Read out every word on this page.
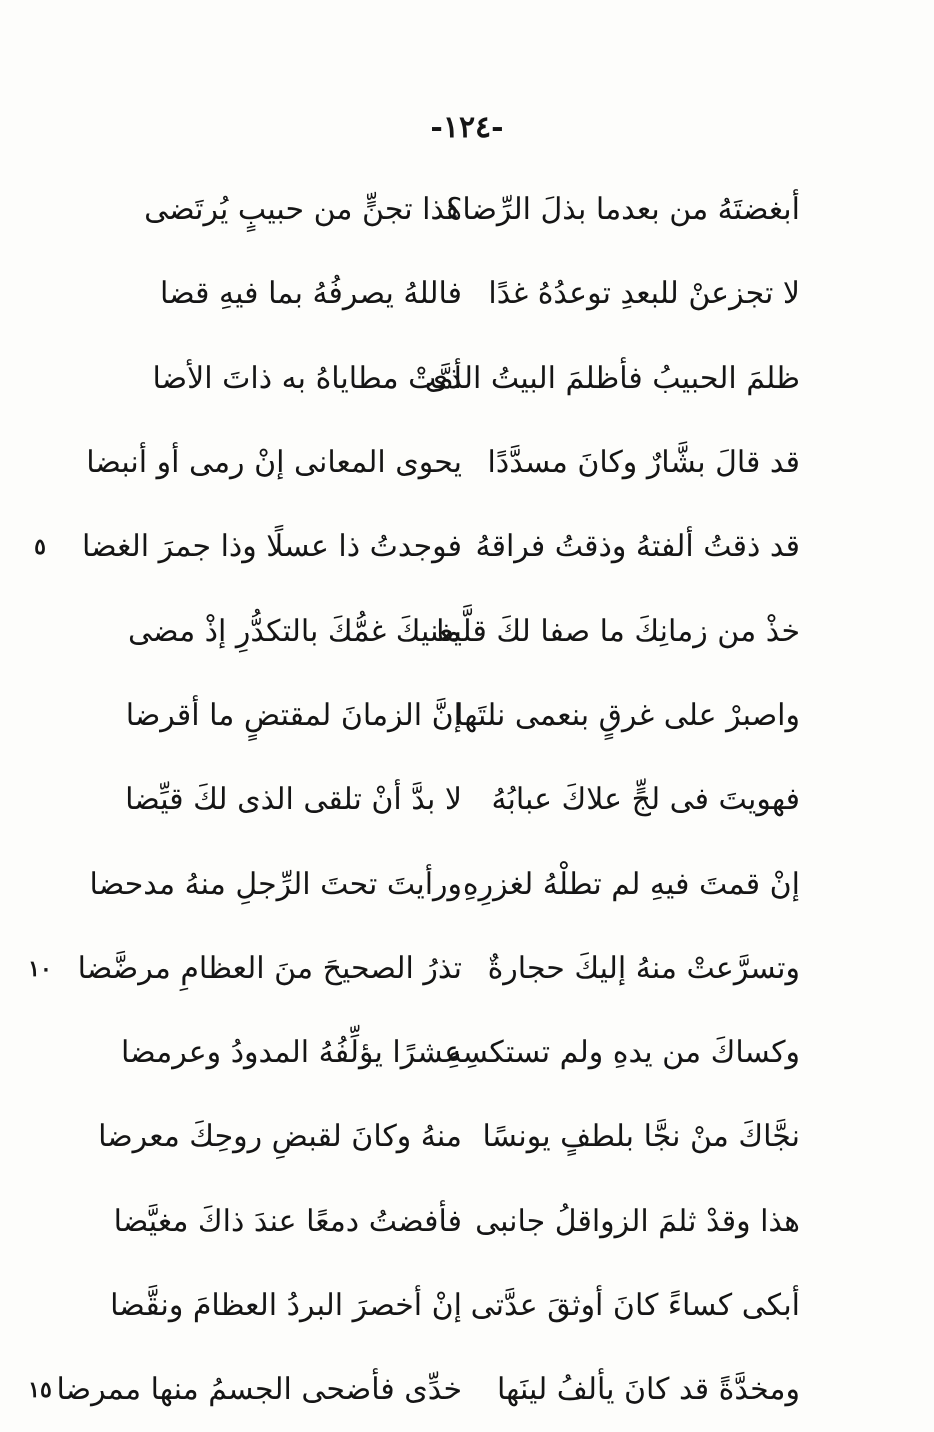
-١٢٤-
أبغضتَهُ من بعدما بذلَ الرِّضا؟
هذا تجنٍّ من حبيبٍ يُرتَضى
لا تجزعنْ للبعدِ توعدُهُ غدًا
فاللهُ يصرفُهُ بما فيهِ قضا
ظلمَ الحبيبُ فأظلمَ البيتُ الذى
أمَّتْ مطاياهُ به ذاتَ الأضا
قد قالَ بشَّارٌ وكانَ مسدَّدًا
يحوى المعانى إنْ رمى أو أنبضا
قد ذقتُ ألفتهُ وذقتُ فراقهُ
فوجدتُ ذا عسلًا وذا جمرَ الغضا
٥
خذْ من زمانِكَ ما صفا لكَ قلَّما
يغنيكَ غمُّكَ بالتكدُّرِ إذْ مضى
واصبرْ على غرقٍ بنعمى نلتَها
إنَّ الزمانَ لمقتضٍ ما أقرضا
فهويتَ فى لجٍّ علاكَ عبابُهُ
لا بدَّ أنْ تلقى الذى لكَ قيِّضا
إنْ قمتَ فيهِ لم تطلْهُ لغزرِهِ
ورأيتَ تحتَ الرِّجلِ منهُ مدحضا
وتسرَّعتْ منهُ إليكَ حجارةٌ
تذرُ الصحيحَ منَ العظامِ مرضَّضا
١٠
وكساكَ من يدهِ ولم تستكسِهِ
عشرًا يؤلِّفُهُ المدودُ وعرمضا
نجَّاكَ منْ نجَّا بلطفٍ يونسًا
منهُ وكانَ لقبضِ روحِكَ معرضا
هذا وقدْ ثلمَ الزواقلُ جانبى
فأفضتُ دمعًا عندَ ذاكَ مغيَّضا
أبكى كساءً كانَ أوثقَ عدَّتى
إنْ أخصرَ البردُ العظامَ ونقَّضا
ومخدَّةً قد كانَ يألفُ لينَها
خدِّى فأضحى الجسمُ منها ممرضا
١٥
